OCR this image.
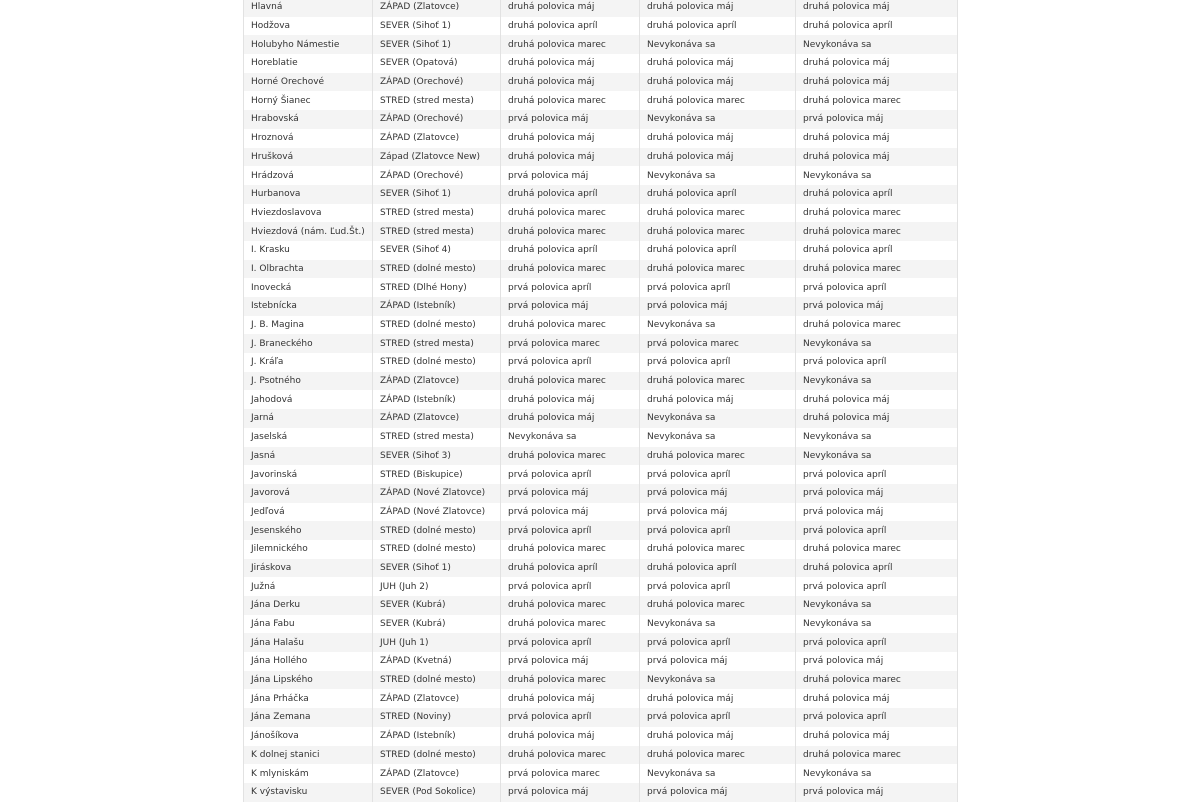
Hlavná	ZÁPAD (Zlatovce)	druhá polovica máj	druhá polovica máj	druhá polovica máj
Hodžova	SEVER (Sihoť 1)	druhá polovica apríl	druhá polovica apríl	druhá polovica apríl
Holubyho Námestie	SEVER (Sihoť 1)	druhá polovica marec	Nevykonáva sa	Nevykonáva sa
Horeblatie	SEVER (Opatová)	druhá polovica máj	druhá polovica máj	druhá polovica máj
Horné Orechové	ZÁPAD (Orechové)	druhá polovica máj	druhá polovica máj	druhá polovica máj
Horný Šianec	STRED (stred mesta)	druhá polovica marec	druhá polovica marec	druhá polovica marec
Hrabovská	ZÁPAD (Orechové)	prvá polovica máj	Nevykonáva sa	prvá polovica máj
Hroznová	ZÁPAD (Zlatovce)	druhá polovica máj	druhá polovica máj	druhá polovica máj
Hrušková	Západ (Zlatovce New)	druhá polovica máj	druhá polovica máj	druhá polovica máj
Hrádzová	ZÁPAD (Orechové)	prvá polovica máj	Nevykonáva sa	Nevykonáva sa
Hurbanova	SEVER (Sihoť 1)	druhá polovica apríl	druhá polovica apríl	druhá polovica apríl
Hviezdoslavova	STRED (stred mesta)	druhá polovica marec	druhá polovica marec	druhá polovica marec
Hviezdová (nám. Ľud.Št.)	STRED (stred mesta)	druhá polovica marec	druhá polovica marec	druhá polovica marec
I. Krasku	SEVER (Sihoť 4)	druhá polovica apríl	druhá polovica apríl	druhá polovica apríl
I. Olbrachta	STRED (dolné mesto)	druhá polovica marec	druhá polovica marec	druhá polovica marec
Inovecká	STRED (Dlhé Hony)	prvá polovica apríl	prvá polovica apríl	prvá polovica apríl
Istebnícka	ZÁPAD (Istebník)	prvá polovica máj	prvá polovica máj	prvá polovica máj
J. B. Magina	STRED (dolné mesto)	druhá polovica marec	Nevykonáva sa	druhá polovica marec
J. Braneckého	STRED (stred mesta)	prvá polovica marec	prvá polovica marec	Nevykonáva sa
J. Kráľa	STRED (dolné mesto)	prvá polovica apríl	prvá polovica apríl	prvá polovica apríl
J. Psotného	ZÁPAD (Zlatovce)	druhá polovica marec	druhá polovica marec	Nevykonáva sa
Jahodová	ZÁPAD (Istebník)	druhá polovica máj	druhá polovica máj	druhá polovica máj
Jarná	ZÁPAD (Zlatovce)	druhá polovica máj	Nevykonáva sa	druhá polovica máj
Jaselská	STRED (stred mesta)	Nevykonáva sa	Nevykonáva sa	Nevykonáva sa
Jasná	SEVER (Sihoť 3)	druhá polovica marec	druhá polovica marec	Nevykonáva sa
Javorinská	STRED (Biskupice)	prvá polovica apríl	prvá polovica apríl	prvá polovica apríl
Javorová	ZÁPAD (Nové Zlatovce)	prvá polovica máj	prvá polovica máj	prvá polovica máj
Jedľová	ZÁPAD (Nové Zlatovce)	prvá polovica máj	prvá polovica máj	prvá polovica máj
Jesenského	STRED (dolné mesto)	prvá polovica apríl	prvá polovica apríl	prvá polovica apríl
Jilemnického	STRED (dolné mesto)	druhá polovica marec	druhá polovica marec	druhá polovica marec
Jiráskova	SEVER (Sihoť 1)	druhá polovica apríl	druhá polovica apríl	druhá polovica apríl
Južná	JUH (Juh 2)	prvá polovica apríl	prvá polovica apríl	prvá polovica apríl
Jána Derku	SEVER (Kubrá)	druhá polovica marec	druhá polovica marec	Nevykonáva sa
Jána Fabu	SEVER (Kubrá)	druhá polovica marec	Nevykonáva sa	Nevykonáva sa
Jána Halašu	JUH (Juh 1)	prvá polovica apríl	prvá polovica apríl	prvá polovica apríl
Jána Hollého	ZÁPAD (Kvetná)	prvá polovica máj	prvá polovica máj	prvá polovica máj
Jána Lipského	STRED (dolné mesto)	druhá polovica marec	Nevykonáva sa	druhá polovica marec
Jána Prháčka	ZÁPAD (Zlatovce)	druhá polovica máj	druhá polovica máj	druhá polovica máj
Jána Zemana	STRED (Noviny)	prvá polovica apríl	prvá polovica apríl	prvá polovica apríl
Jánošíkova	ZÁPAD (Istebník)	druhá polovica máj	druhá polovica máj	druhá polovica máj
K dolnej stanici	STRED (dolné mesto)	druhá polovica marec	druhá polovica marec	druhá polovica marec
K mlyniskám	ZÁPAD (Zlatovce)	prvá polovica marec	Nevykonáva sa	Nevykonáva sa
K výstavisku	SEVER (Pod Sokolice)	prvá polovica máj	prvá polovica máj	prvá polovica máj
